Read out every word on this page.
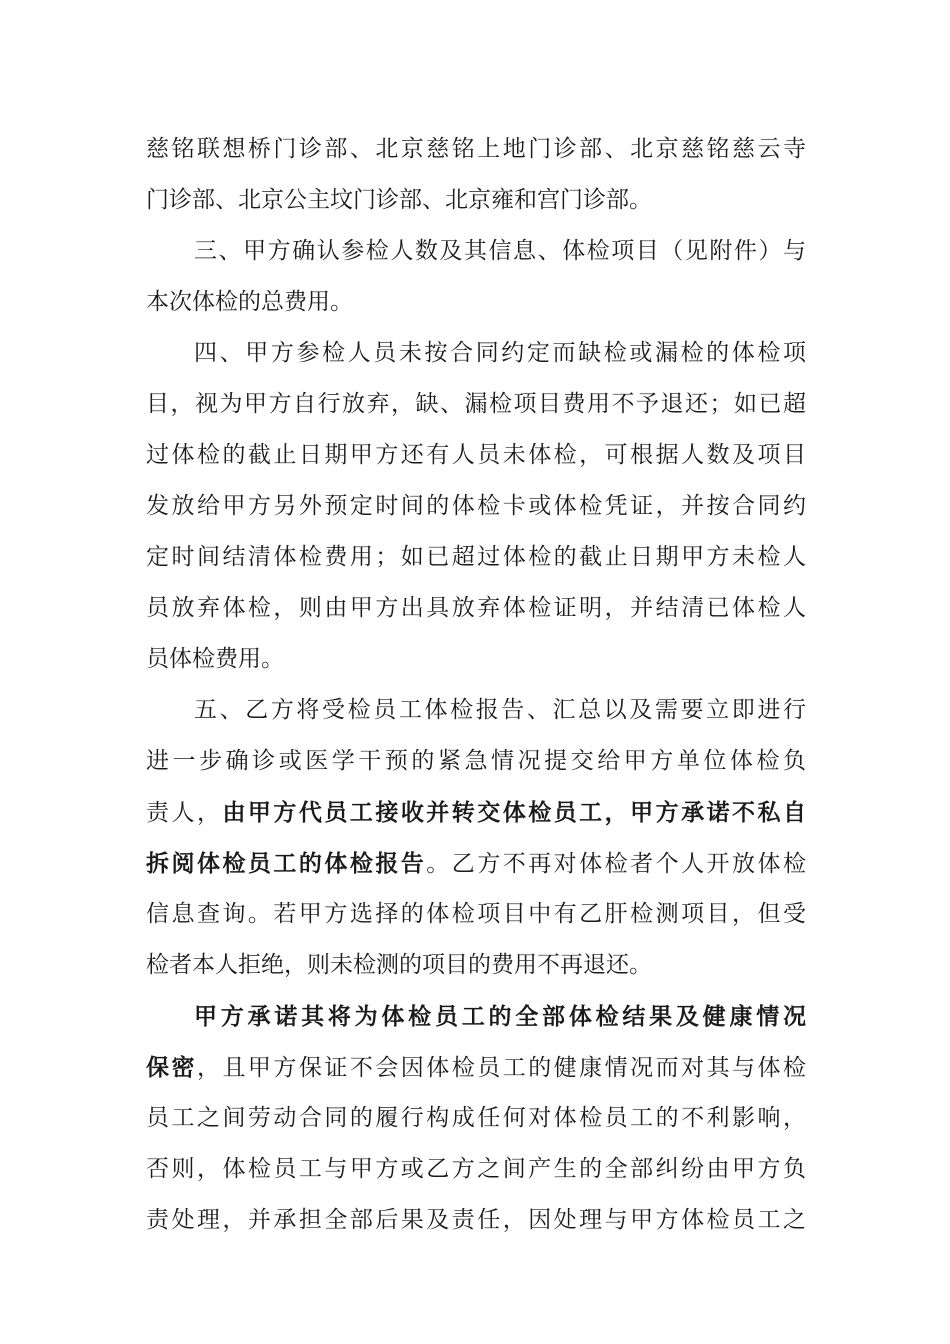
慈铭联想桥门诊部、北京慈铭上地门诊部、北京慈铭慈云寺
门诊部、北京公主坟门诊部、北京雍和宫门诊部。
三、甲方确认参检人数及其信息、体检项目（见附件）与
本次体检的总费用。
四、甲方参检人员未按合同约定而缺检或漏检的体检项
目，视为甲方自行放弃，缺、漏检项目费用不予退还；如已超
过体检的截止日期甲方还有人员未体检，可根据人数及项目
发放给甲方另外预定时间的体检卡或体检凭证，并按合同约
定时间结清体检费用；如已超过体检的截止日期甲方未检人
员放弃体检，则由甲方出具放弃体检证明，并结清已体检人
员体检费用。
五、乙方将受检员工体检报告、汇总以及需要立即进行
进一步确诊或医学干预的紧急情况提交给甲方单位体检负
责人，由甲方代员工接收并转交体检员工，甲方承诺不私自
拆阅体检员工的体检报告。乙方不再对体检者个人开放体检
信息查询。若甲方选择的体检项目中有乙肝检测项目，但受
检者本人拒绝，则未检测的项目的费用不再退还。
甲方承诺其将为体检员工的全部体检结果及健康情况
保密，且甲方保证不会因体检员工的健康情况而对其与体检
员工之间劳动合同的履行构成任何对体检员工的不利影响，
否则，体检员工与甲方或乙方之间产生的全部纠纷由甲方负
责处理，并承担全部后果及责任，因处理与甲方体检员工之
